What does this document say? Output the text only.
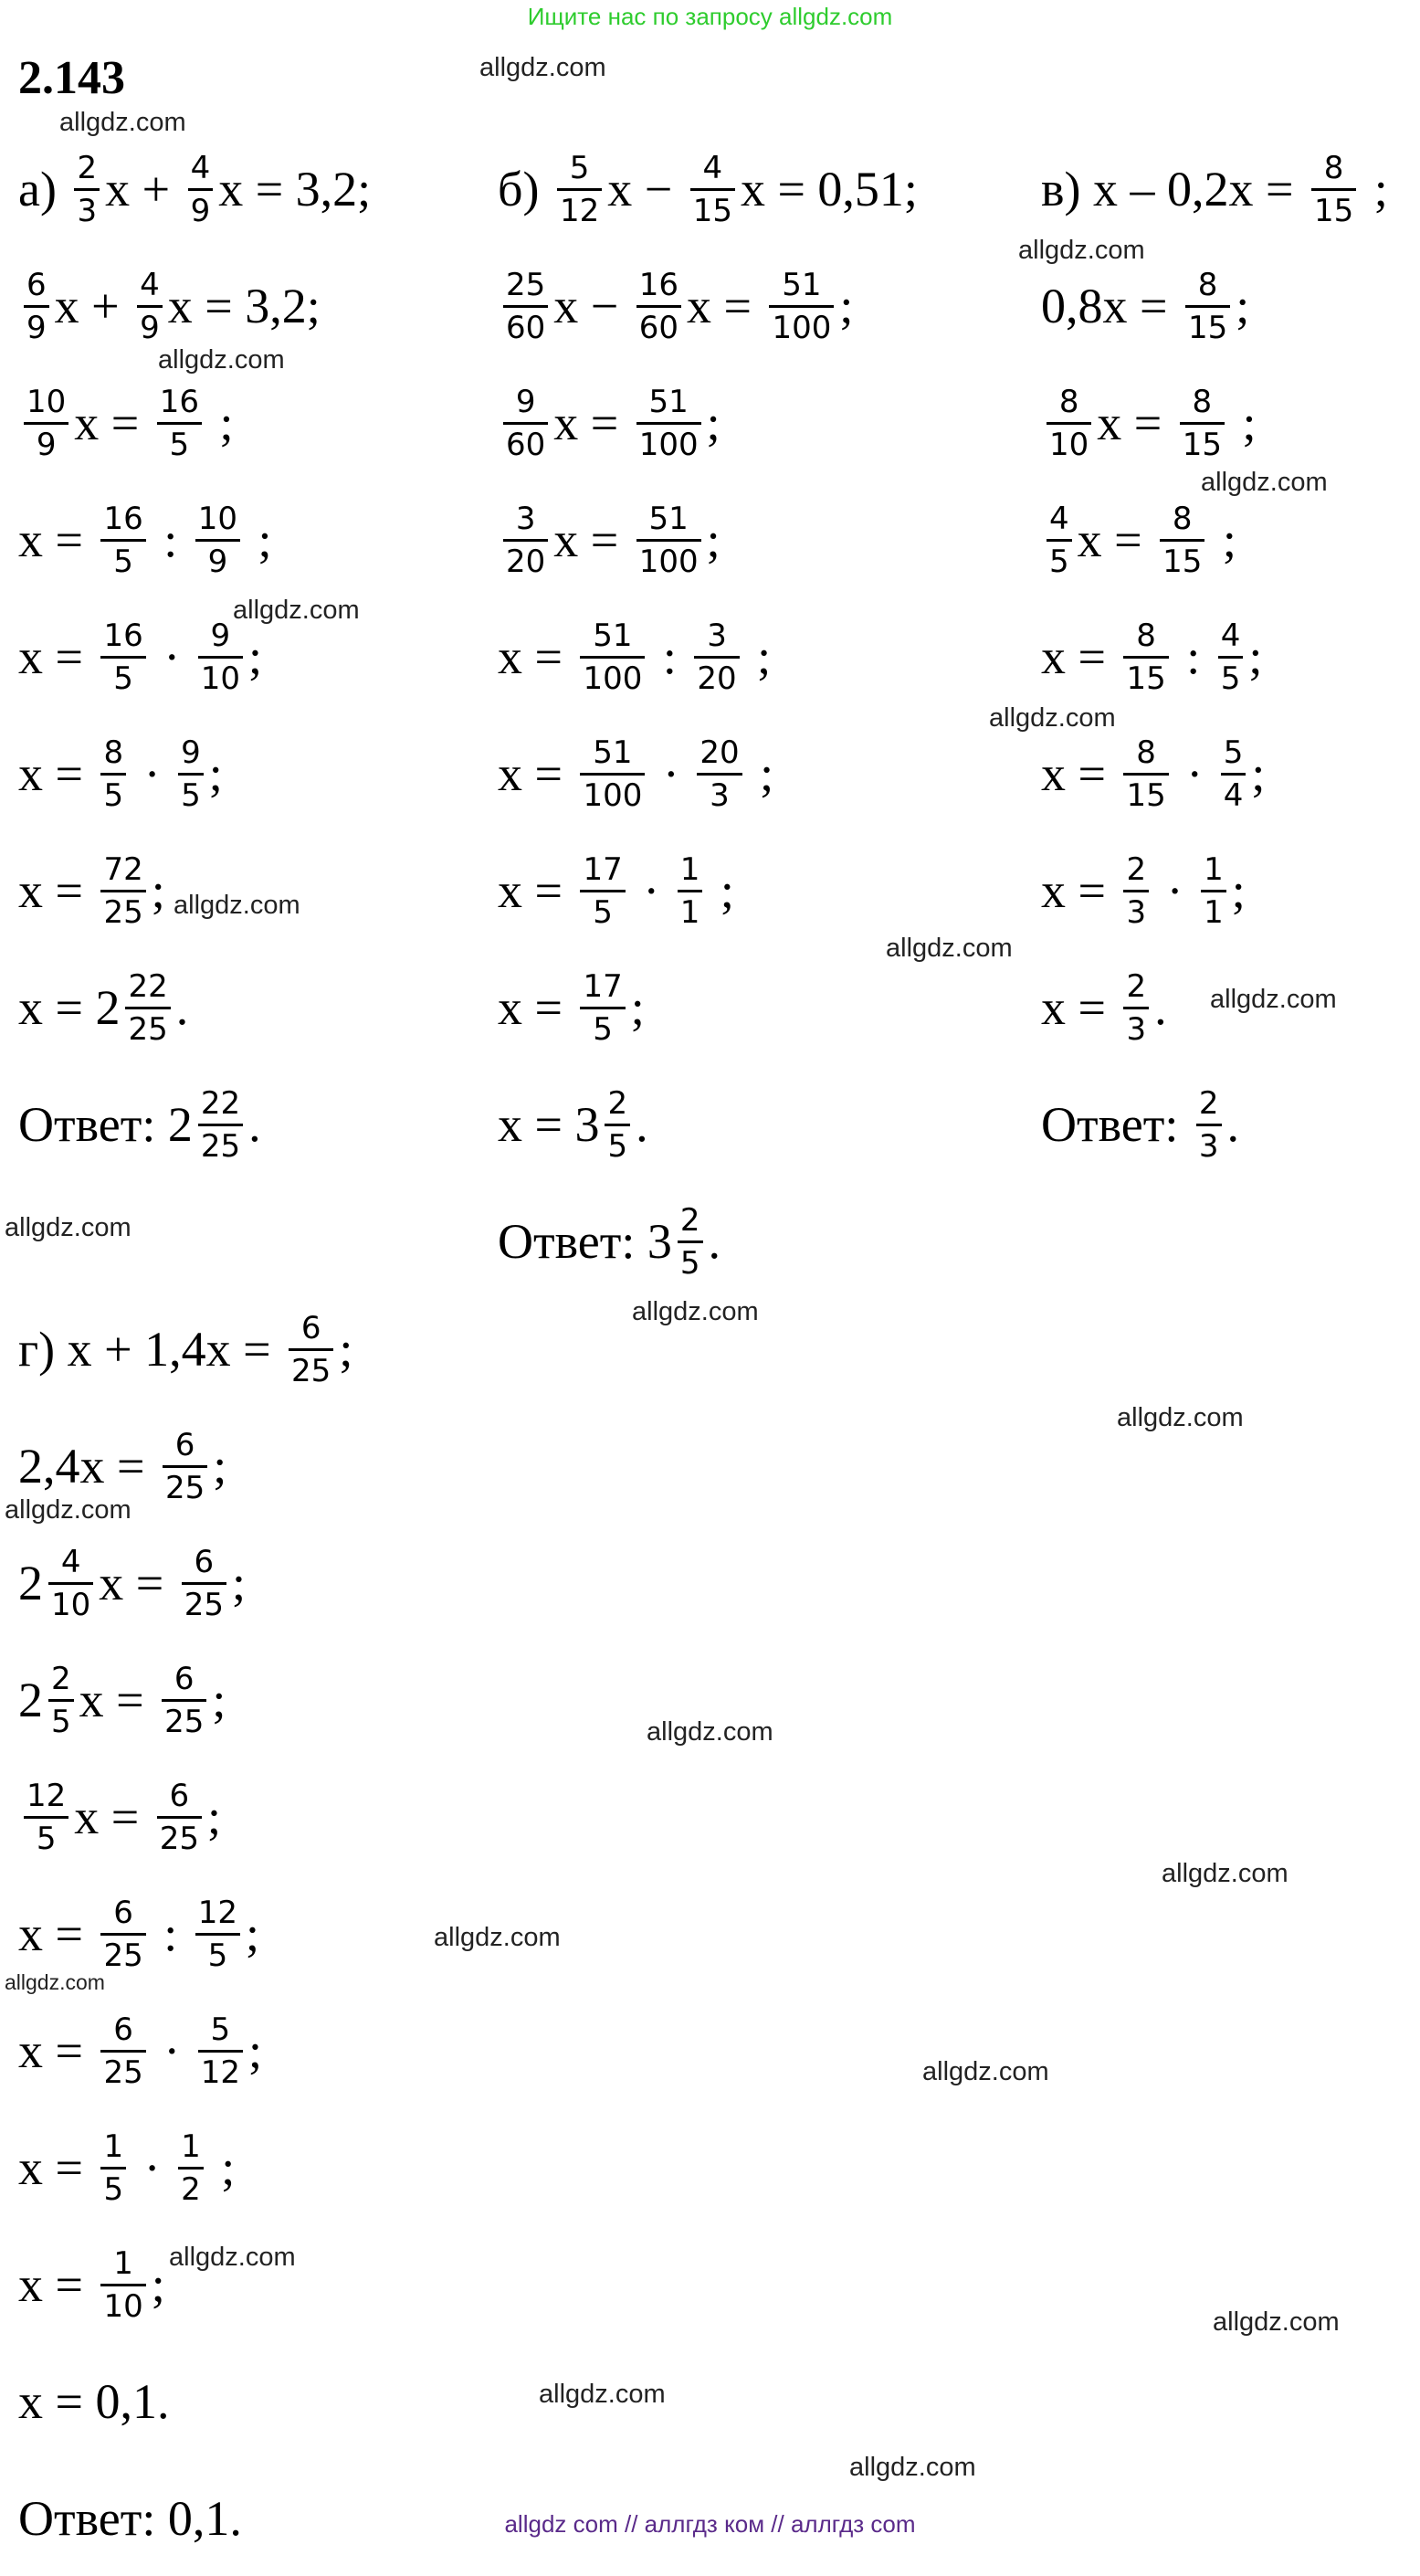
Ищите нас по запросу allgdz.com
2.143
$а) \frac{2}{3}$ $x + \frac{4}{9}$ x = 3,2;
$\frac{6}{9}$ $x + \frac{4}{9}$ x = 3,2;
$\frac{10}{9}$ $x = \frac{16}{5}$ ;
$x = \frac{16}{5}$ : $\frac{10}{9}$ ;
$x = \frac{16}{5} \cdot \frac{9}{10}$ ;
$x = \frac{8}{5} \cdot \frac{9}{5}$ ;
$x = \frac{72}{25}$ ;
$x = 2 \frac{22}{25}$ .
Ответ: $2 \frac{22}{25}$ .
$б) \frac{5}{12}$ $x - \frac{4}{15}$ x = 0,51;
$\frac{25}{60}$ $x - \frac{16}{60}$ $x = \frac{51}{100}$ ;
$\frac{9}{60}$ $x = \frac{51}{100}$ ;
$\frac{3}{20}$ $x = \frac{51}{100}$ ;
$x = \frac{51}{100}$ : $\frac{3}{20}$ ;
$x = \frac{51}{100} \cdot \frac{20}{3}$ ;
$x = \frac{17}{5} \cdot \frac{1}{1}$ ;
$x = \frac{17}{5}$ ;
$x = 3 \frac{2}{5}$ .
Ответ: $3 \frac{2}{5}$ .
в) $x - 0,2x = \frac{8}{15}$ ;
$0,8x = \frac{8}{15}$ ;
$\frac{8}{10}$ $x = \frac{8}{15}$ ;
$\frac{4}{5}$ $x = \frac{8}{15}$ ;
$x = \frac{8}{15}$ : $\frac{4}{5}$ ;
$x = \frac{8}{15} \cdot \frac{5}{4}$ ;
$x = \frac{2}{3} \cdot \frac{1}{1}$ ;
$x = \frac{2}{3}$ .
Ответ: $\frac{2}{3}$ .
г) $x + 1,4x = \frac{6}{25}$ ;
$2,4x = \frac{6}{25}$ ;
$2 \frac{4}{10}$ $x = \frac{6}{25}$ ;
$2 \frac{2}{5}$ $x = \frac{6}{25}$ ;
$\frac{12}{5}$ $x = \frac{6}{25}$ ;
$x = \frac{6}{25}$ : $\frac{12}{5}$ ;
$x = \frac{6}{25} \cdot \frac{5}{12}$ ;
$x = \frac{1}{5} \cdot \frac{1}{2}$ ;
$x = \frac{1}{10}$ ;
x = 0,1.
Ответ: 0,1.
allgdz.com
allgdz.com
allgdz.com
allgdz.com
allgdz.com
allgdz.com
allgdz.com
allgdz.com
allgdz.com
allgdz.com
allgdz.com
allgdz.com
allgdz.com
allgdz.com
allgdz.com
allgdz.com
allgdz.com
allgdz.com
allgdz.com
allgdz.com
allgdz.com
allgdz.com
allgdz.com
allgdz com // аллгдз ком // аллгдз com
